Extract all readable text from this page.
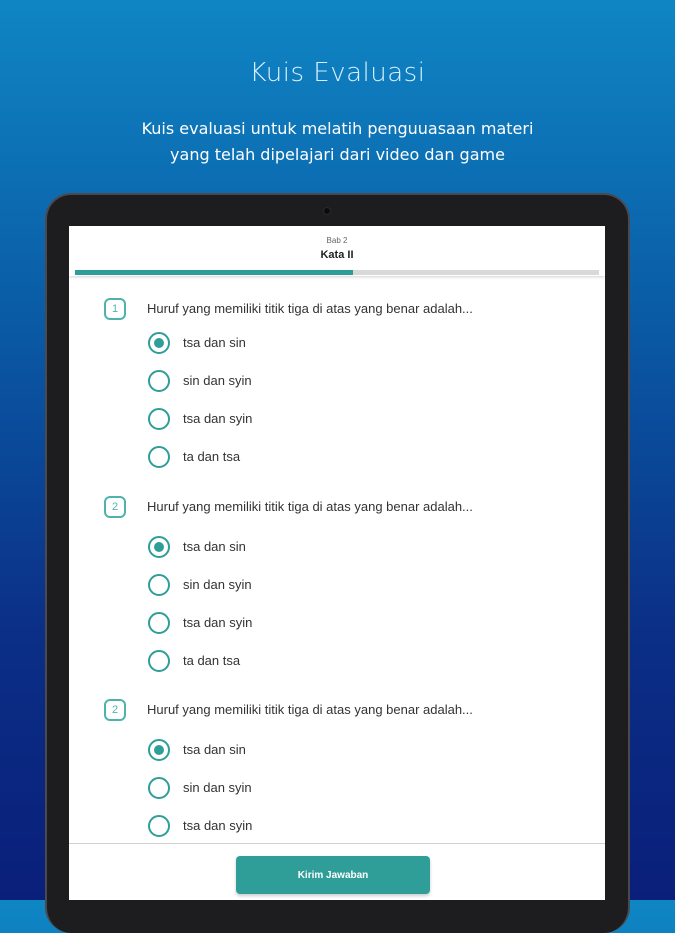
Kuis Evaluasi
Kuis evaluasi untuk melatih penguuasaan materi
yang telah dipelajari dari video dan game
Bab 2
Kata II
1	Huruf yang memiliki titik tiga di atas yang benar adalah...
tsa dan sin
sin dan syin
tsa dan syin
ta dan tsa
2	Huruf yang memiliki titik tiga di atas yang benar adalah...
tsa dan sin
sin dan syin
tsa dan syin
ta dan tsa
2	Huruf yang memiliki titik tiga di atas yang benar adalah...
tsa dan sin
sin dan syin
tsa dan syin
Kirim Jawaban
